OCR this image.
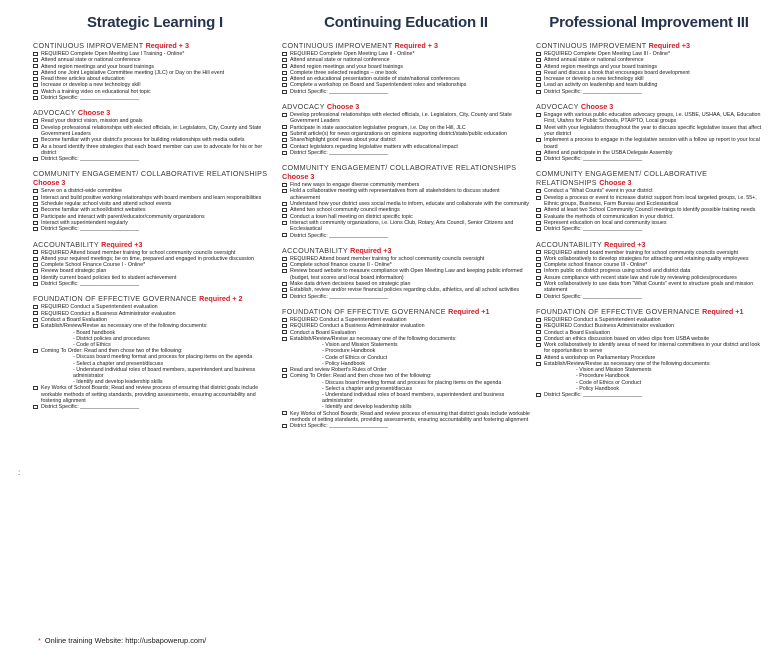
Strategic Learning I
CONTINUOUS IMPROVEMENT Required + 3
REQUIRED Complete Open Meeting Law I Training - Online*
Attend annual state or national conference
Attend region meetings and your board trainings
Attend one Joint Legislative Committee meeting (JLC) or Day on the Hill event
Read three articles about education
Increase or develop a new technology skill
Watch a training video on educational hot topic
District Specific: ____________________
ADVOCACY Choose 3
Read your district vision, mission and goals
Develop professional relationships with elected officials, ie: Legislators, City, County and State Government Leaders
Become familiar with your district's process for building relationships with media outlets
As a board identify three strategies that each board member can use to advocate for his or her district
District Specific: ____________________
COMMUNITY ENGAGEMENT/ COLLABORATIVE RELATIONSHIPS Choose 3
Serve on a district-wide committee
Interact and build positive working relationships with board members and learn responsibilities
Schedule regular school visits and attend school events
Become familiar with school/district websites
Participate and interact with parent/educator/community organizations
Interact with superintendent regularly
District Specific: ____________________
ACCOUNTABILITY Required +3
REQUIRED Attend board member training for school community councils oversight
Attend your required meetings; be on time, prepared and engaged in productive discussion
Complete School Finance Course I - Online*
Review board strategic plan
Identify current board policies tied to student achievement
District Specific: ____________________
FOUNDATION OF EFFECTIVE GOVERNANCE Required + 2
REQUIRED Conduct a Superintendent evaluation
REQUIRED Conduct a Business Administrator evaluation
Conduct a Board Evaluation
Establish/Review/Revise as necessary one of the following documents:
- Board handbook
- District policies and procedures
- Code of Ethics
Coming To Order: Read and then chose two of the following:
- Discuss board meeting format and process for placing items on the agenda
- Select a chapter and present/discuss
- Understand individual roles of board members, superintendent and business administrator
- Identify and develop leadership skills
Key Works of School Boards; Read and review process of ensuring that district goals include workable methods of setting standards, providing assessments, ensuring accountability and fostering alignment
District Specific: ____________________
Continuing Education II
CONTINUOUS IMPROVEMENT Required + 3
REQUIRED Complete Open Meeting Law II - Online*
Attend annual state or national conference
Attend region meetings and your board trainings
Complete three selected readings – one book
Attend an educational presentation outside of state/national conferences
Complete a workshop on Board and Superintendent roles and relationships
District Specific: ____________________
ADVOCACY Choose 3
Develop professional relationships with elected officials, i.e. Legislators, City, County and State Government Leaders
Participate in state association legislative program, i.e. Day on the Hill, JLC
Submit article(s) for news organizations on opinions supporting district/state/public education
Share/highlight good news about your district
Contact legislators regarding legislative matters with educational impact
District Specific: ____________________
COMMUNITY ENGAGEMENT/ COLLABORATIVE RELATIONSHIPS Choose 3
Find new ways to engage diverse community members
Hold a collaborative meeting with representatives from all stakeholders to discuss student achievement
Understand how your district uses social media to inform, educate and collaborate with the community
Attend two school community council meetings
Conduct a town hall meeting on district specific topic
Interact with community organizations, i.e. Lions Club, Rotary, Arts Council, Senior Citizens and Ecclesiastical
District Specific: ____________________
ACCOUNTABILITY Required +3
REQUIRED Attend board member training for school community councils oversight
Complete school finance course II - Online*
Review board website to measure compliance with Open Meeting Law and keeping public informed (budget, test scores and local board information)
Make data driven decisions based on strategic plan
Establish, review and/or revise financial policies regarding clubs, athletics, and all school activities
District Specific: ____________________
FOUNDATION OF EFFECTIVE GOVERNANCE Required +1
REQUIRED Conduct a Superintendent evaluation
REQUIRED Conduct a Business Administrator evaluation
Conduct a Board Evaluation
Establish/Review/Revise as necessary one of the following documents:
- Vision and Mission Statements
- Procedure Handbook
- Code of Ethics or Conduct
- Policy Handbook
Read and review Robert's Rules of Order
Coming To Order: Read and then chose two of the following:
- Discuss board meeting format and process for placing items on the agenda
- Select a chapter and present/discuss
- Understand individual roles of board members, superintendent and business administrator
- Identify and develop leadership skills
Key Works of School Boards; Read and review process of ensuring that district goals include workable methods of setting standards, providing assessments, ensuring accountability and fostering alignment
District Specific: ____________________
Professional Improvement III
CONTINUOUS IMPROVEMENT Required +3
REQUIRED Complete Open Meeting Law III - Online*
Attend annual state or national conference
Attend region meetings and your board trainings
Read and discuss a book that encourages board development
Increase or develop a new technology skill
Lead an activity on leadership and team building
District Specific: ____________________
ADVOCACY Choose 3
Engage with various public education advocacy groups, i.e. USBE, USHAA, UEA, Education First, Utahns for Public Schools, PTA/PTO, Local groups
Meet with your legislators throughout the year to discuss specific legislative issues that affect your district
Implement a process to engage in the legislative session with a follow up report to your local board
Attend and participate in the USBA Delegate Assembly
District Specific: ____________________
COMMUNITY ENGAGEMENT/ COLLABORATIVE RELATIONSHIPS Choose 3
Conduct a "What Counts" event in your district
Develop a process or event to increase district support from local targeted groups, i.e. 55+, Ethnic groups, Business, Farm Bureau and Ecclesiastical
Attend at least two School Community Council meetings to identify possible training needs
Evaluate the methods of communication in your district.
Represent education on local and community issues
District Specific: ____________________
ACCOUNTABILITY Required +3
REQUIRED attend board member training for school community councils oversight
Work collaboratively to develop strategies for attracting and retaining quality employees
Complete school finance course III - Online*
Inform public on district progress using school and district data
Assure compliance with recent state law and rule by reviewing policies/procedures
Work collaboratively to use data from "What Counts" event to structure goals and mission statement
District Specific: ____________________
FOUNDATION OF EFFECTIVE GOVERNANCE Required +1
REQUIRED Conduct a Superintendent evaluation
REQUIRED Conduct Business Administrator evaluation
Conduct a Board Evaluation
Conduct an ethics discussion based on video clips from USBA website
Work collaboratively to identify areas of need for internal committees in your district and look for opportunities to serve
Attend a workshop on Parliamentary Procedure
Establish/Review/Revise as necessary one of the following documents:
- Vision and Mission Statements
- Procedure Handbook
- Code of Ethics or Conduct
- Policy Handbook
District Specific: ____________________
:
* Online training Website: http://usbapowerup.com/
